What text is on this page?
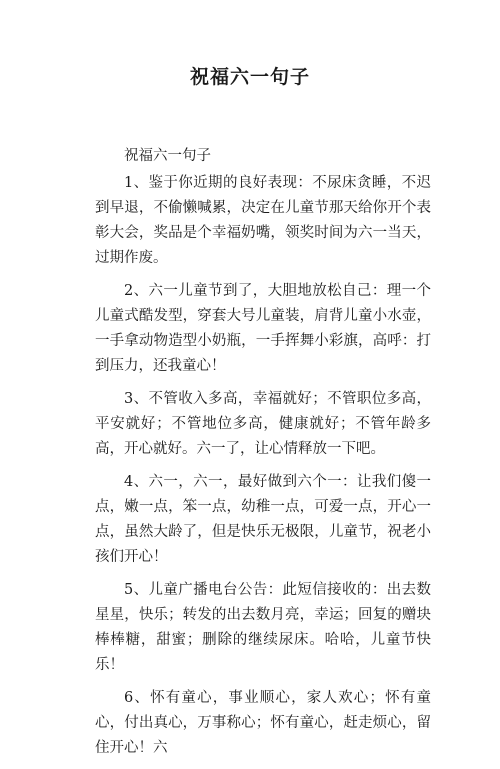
祝福六一句子

祝福六一句子

1、鉴于你近期的良好表现：不尿床贪睡，不迟到早退，不偷懒喊累，决定在儿童节那天给你开个表彰大会，奖品是个幸福奶嘴，领奖时间为六一当天，过期作废。

2、六一儿童节到了，大胆地放松自己：理一个儿童式酷发型，穿套大号儿童装，肩背儿童小水壶，一手拿动物造型小奶瓶，一手挥舞小彩旗，高呼：打到压力，还我童心！

3、不管收入多高，幸福就好；不管职位多高，平安就好；不管地位多高，健康就好；不管年龄多高，开心就好。六一了，让心情释放一下吧。

4、六一，六一，最好做到六个一：让我们傻一点，嫩一点，笨一点，幼稚一点，可爱一点，开心一点，虽然大龄了，但是快乐无极限，儿童节，祝老小孩们开心！

5、儿童广播电台公告：此短信接收的：出去数星星，快乐；转发的出去数月亮，幸运；回复的赠块棒棒糖，甜蜜；删除的继续尿床。哈哈，儿童节快乐！

6、怀有童心，事业顺心，家人欢心；怀有童心，付出真心，万事称心；怀有童心，赶走烦心，留住开心！六
